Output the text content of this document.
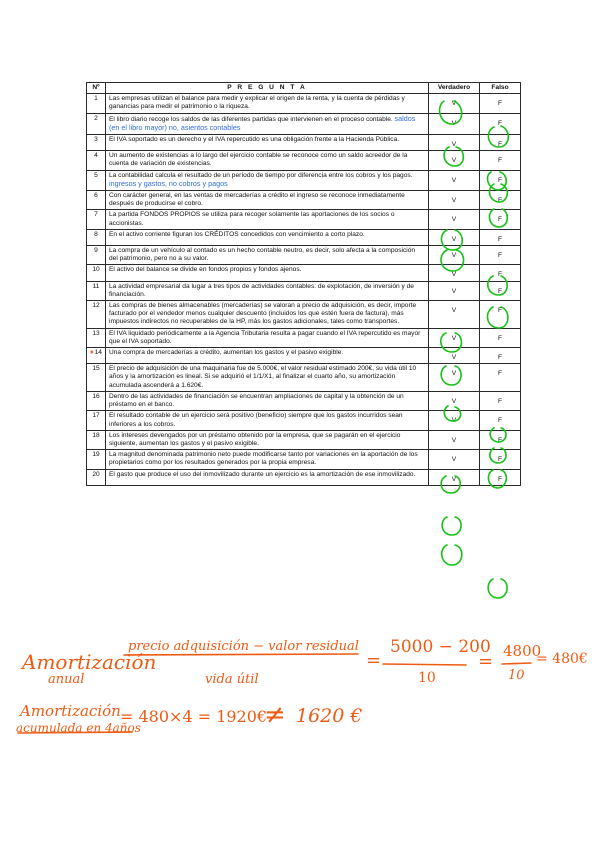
Nº	P R E G U N T A	Verdadero	Falso
1	Las empresas utilizan el balance para medir y explicar el origen de la renta, y la cuenta de pérdidas y ganancias para medir el patrimonio o la riqueza.	V	F
2	El libro diario recoge los saldos de las diferentes partidas que intervienen en el proceso contable. saldos (en el libro mayor) no, asientos contables	V	F
3	El IVA soportado es un derecho y el IVA repercutido es una obligación frente a la Hacienda Pública.	V	F
4	Un aumento de existencias a lo largo del ejercicio contable se reconoce como un saldo acreedor de la cuenta de variación de existencias.	V	F
5	La contabilidad calcula el resultado de un período de tiempo por diferencia entre los cobros y los pagos. ingresos y gastos, no cobros y pagos	V	F
6	Con carácter general, en las ventas de mercaderías a crédito el ingreso se reconoce inmediatamente después de producirse el cobro.	V	F
7	La partida FONDOS PROPIOS se utiliza para recoger solamente las aportaciones de los socios o accionistas.	V	F
8	En el activo corriente figuran los CRÉDITOS concedidos con vencimiento a corto plazo.	V	F
9	La compra de un vehículo al contado es un hecho contable neutro, es decir, solo afecta a la composición del patrimonio, pero no a su valor.	V	F
10	El activo del balance se divide en fondos propios y fondos ajenos.	V	F
11	La actividad empresarial da lugar a tres tipos de actividades contables: de explotación, de inversión y de financiación.	V	F
12	Las compras de bienes almacenables (mercaderías) se valoran a precio de adquisición, es decir, importe facturado por el vendedor menos cualquier descuento (incluidos los que estén fuera de factura), más impuestos indirectos no recuperables de la HP, más los gastos adicionales, tales como transportes.	V	F
13	El IVA liquidado periódicamente a la Agencia Tributaria resulta a pagar cuando el IVA repercutido es mayor que el IVA soportado.	V	F
♦14	Una compra de mercaderías a crédito, aumentan los gastos y el pasivo exigible.	V	F
15	El precio de adquisición de una maquinaria fue de 5.000€, el valor residual estimado 200€, su vida útil 10 años y la amortización es lineal. Si se adquirió el 1/1/X1, al finalizar el cuarto año, su amortización acumulada ascenderá a 1.620€.	V	F
16	Dentro de las actividades de financiación se encuentran ampliaciones de capital y la obtención de un préstamo en el banco.	V	F
17	El resultado contable de un ejercicio será positivo (beneficio) siempre que los gastos incurridos sean inferiores a los cobros.	V	F
18	Los intereses devengados por un préstamo obtenido por la empresa, que se pagarán en el ejercicio siguiente, aumentan los gastos y el pasivo exigible.	V	F
19	La magnitud denominada patrimonio neto puede modificarse tanto por variaciones en la aportación de los propietarios como por los resultados generados por la propia empresa.	V	F
20	El gasto que produce el uso del inmovilizado durante un ejercicio es la amortización de ese inmovilizado.	V	F
Amortización
anual
precio adquisición − valor residual
vida útil
=
5000 − 200
10
= 4800
10
= 480€
Amortización
acumulada en 4años
= 480×4 = 1920€
≠ 1620 €
